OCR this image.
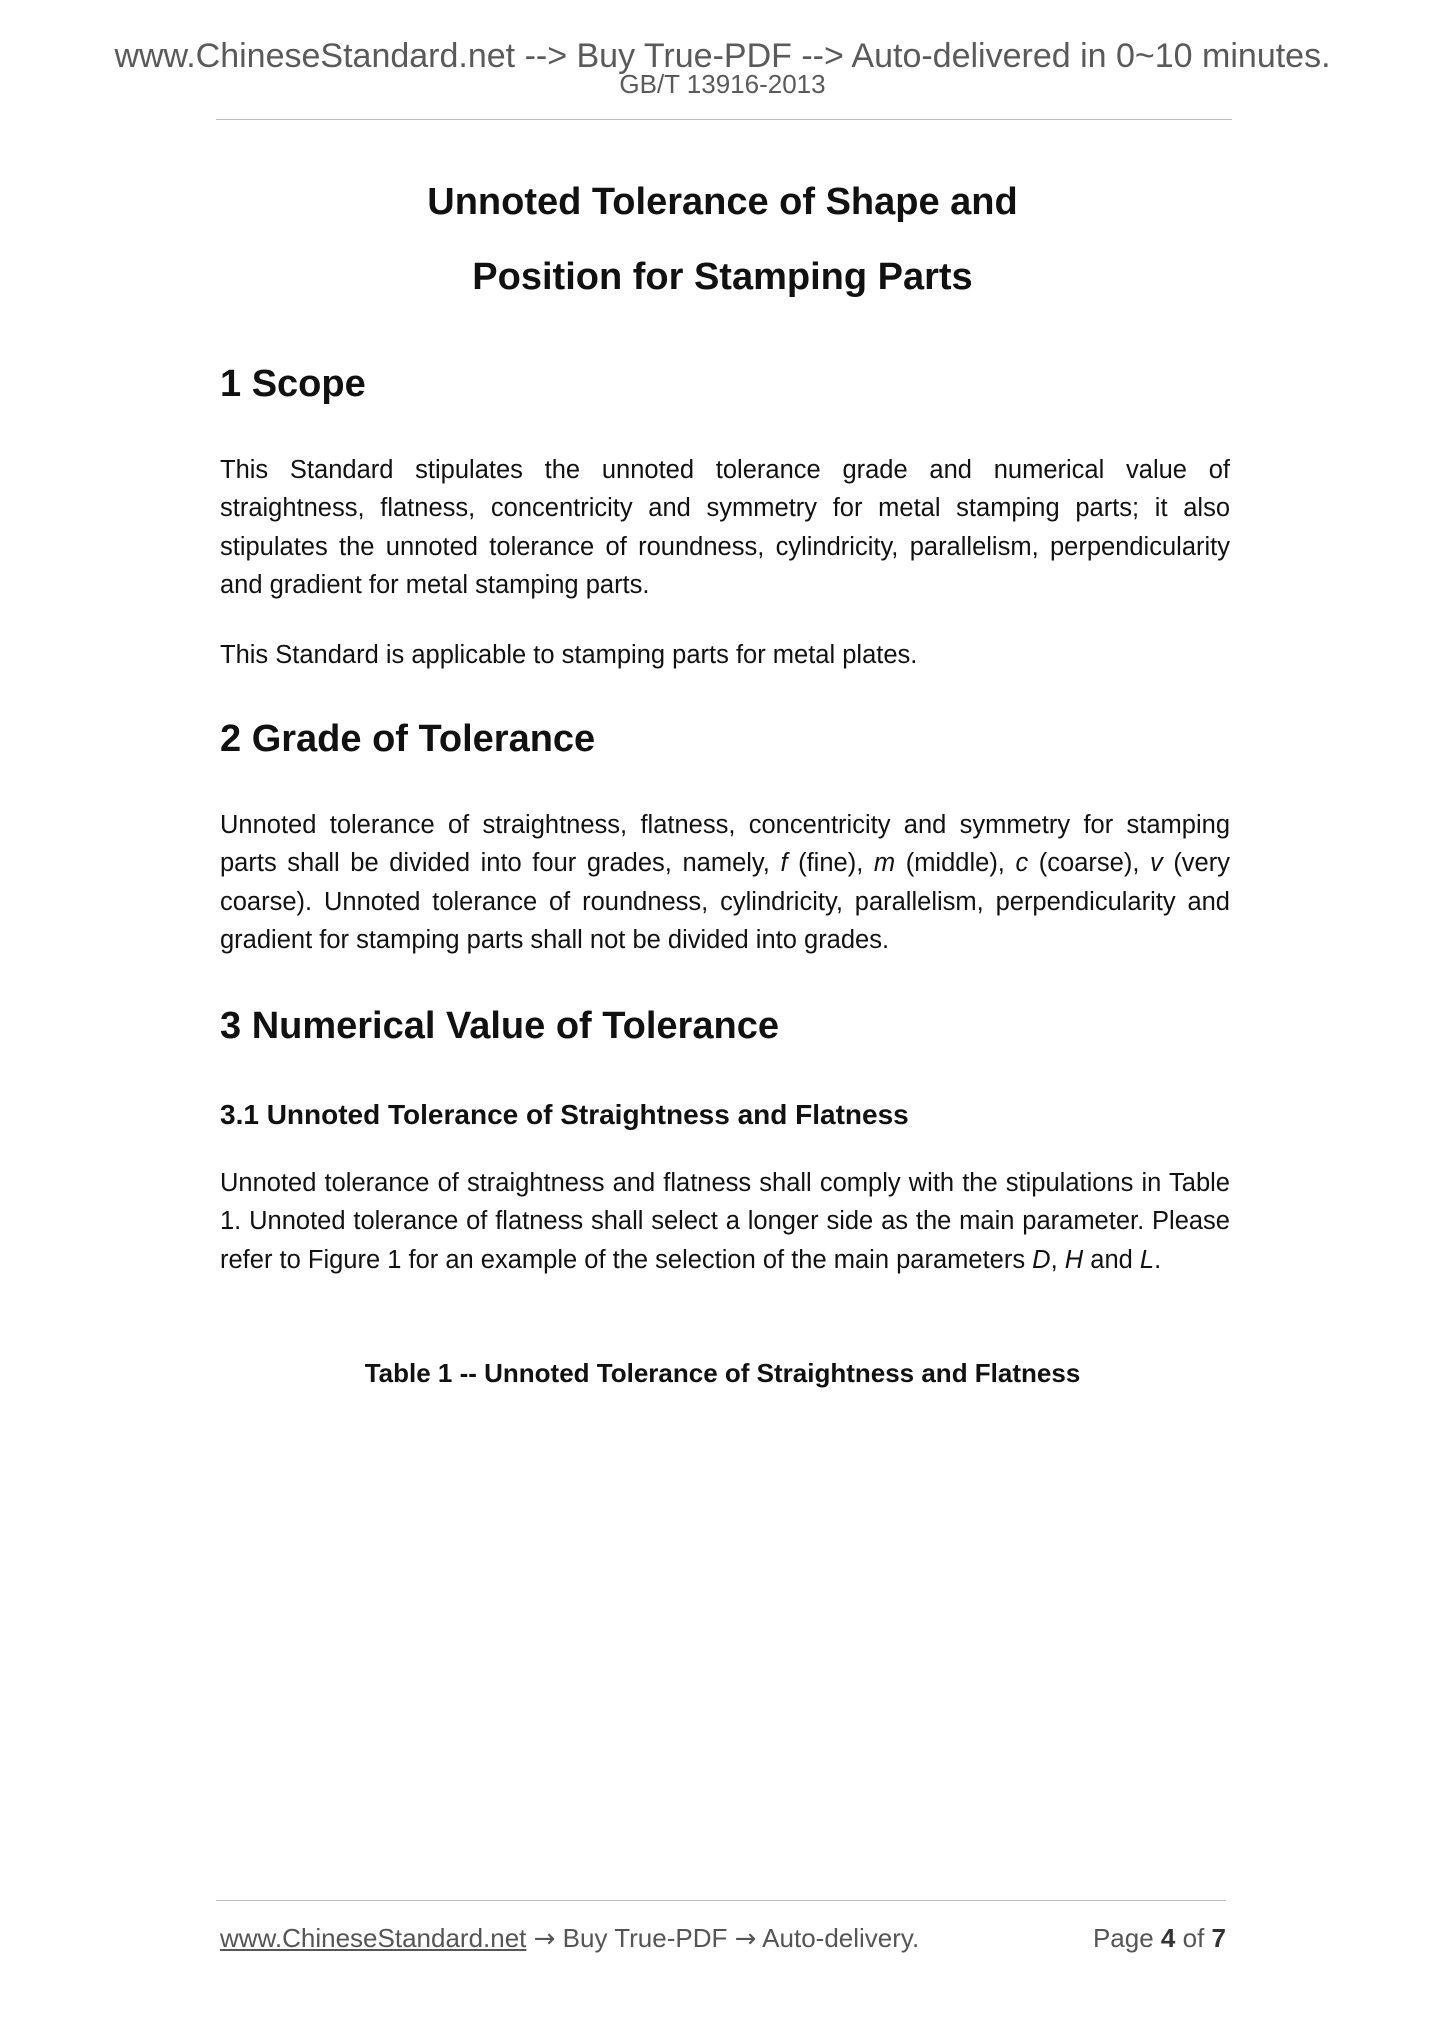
www.ChineseStandard.net --> Buy True-PDF --> Auto-delivered in 0~10 minutes.
GB/T 13916-2013
Unnoted Tolerance of Shape and
Position for Stamping Parts
1 Scope

This Standard stipulates the unnoted tolerance grade and numerical value of straightness, flatness, concentricity and symmetry for metal stamping parts; it also stipulates the unnoted tolerance of roundness, cylindricity, parallelism, perpendicularity and gradient for metal stamping parts.

This Standard is applicable to stamping parts for metal plates.

2 Grade of Tolerance

Unnoted tolerance of straightness, flatness, concentricity and symmetry for stamping parts shall be divided into four grades, namely, f (fine), m (middle), c (coarse), v (very coarse). Unnoted tolerance of roundness, cylindricity, parallelism, perpendicularity and gradient for stamping parts shall not be divided into grades.

3 Numerical Value of Tolerance
3.1 Unnoted Tolerance of Straightness and Flatness

Unnoted tolerance of straightness and flatness shall comply with the stipulations in Table 1. Unnoted tolerance of flatness shall select a longer side as the main parameter. Please refer to Figure 1 for an example of the selection of the main parameters D, H and L.

Table 1 -- Unnoted Tolerance of Straightness and Flatness
www.ChineseStandard.net → Buy True-PDF → Auto-delivery.	Page 4 of 7
